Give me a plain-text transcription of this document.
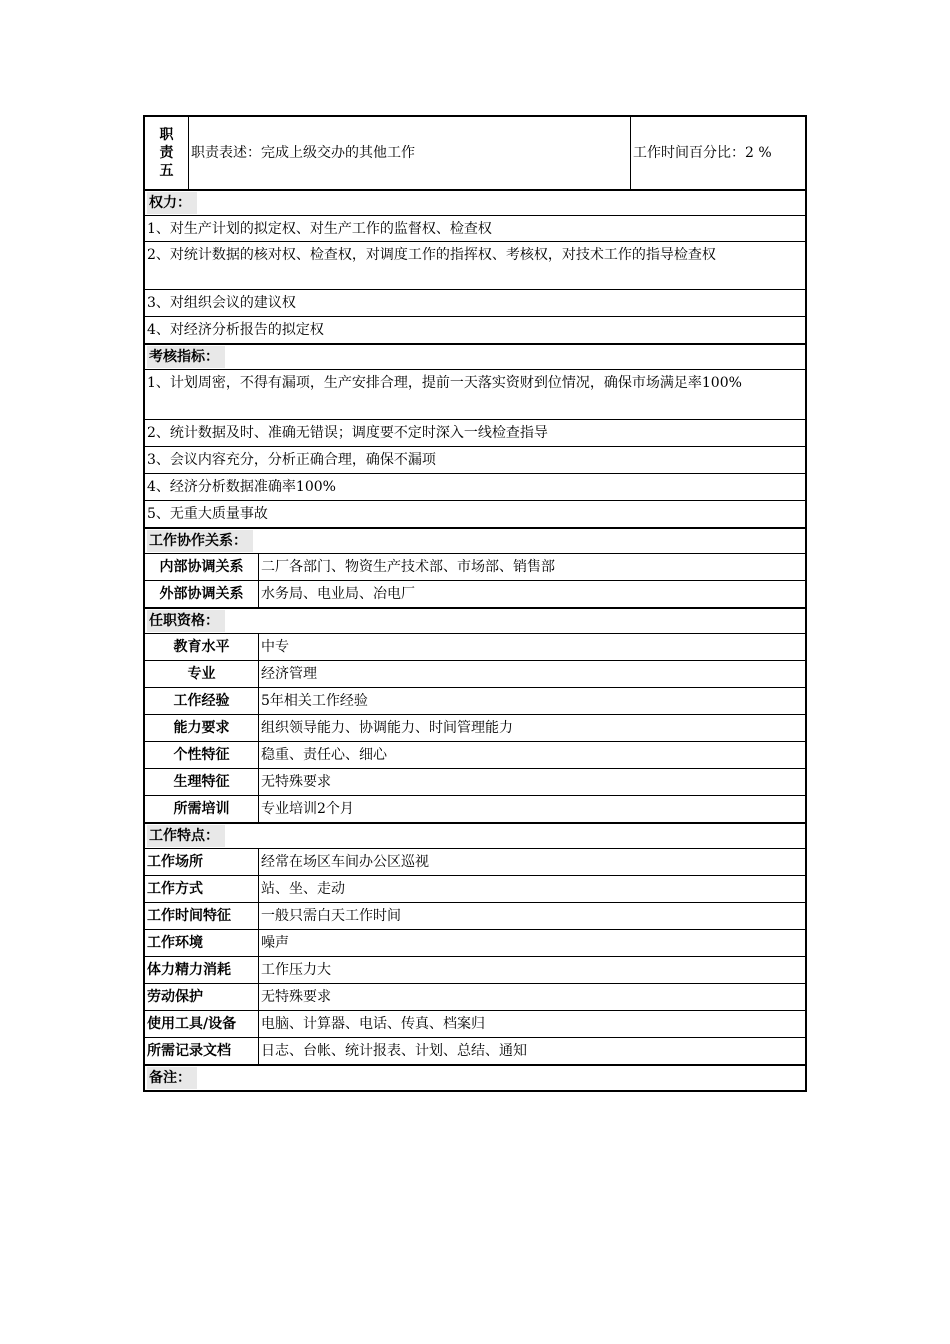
职
责
五
职责表述：完成上级交办的其他工作	工作时间百分比：2 %
权力：
1、对生产计划的拟定权、对生产工作的监督权、检查权
2、对统计数据的核对权、检查权，对调度工作的指挥权、考核权，对技术工作的指导检查权
3、对组织会议的建议权
4、对经济分析报告的拟定权
考核指标：
1、计划周密，不得有漏项，生产安排合理，提前一天落实资财到位情况，确保市场满足率100%
2、统计数据及时、准确无错误；调度要不定时深入一线检查指导
3、会议内容充分，分析正确合理，确保不漏项
4、经济分析数据准确率100%
5、无重大质量事故
工作协作关系：
内部协调关系	二厂各部门、物资生产技术部、市场部、销售部
外部协调关系	水务局、电业局、冶电厂
任职资格：
教育水平	中专
专业	经济管理
工作经验	5年相关工作经验
能力要求	组织领导能力、协调能力、时间管理能力
个性特征	稳重、责任心、细心
生理特征	无特殊要求
所需培训	专业培训2个月
工作特点：
工作场所	经常在场区车间办公区巡视
工作方式	站、坐、走动
工作时间特征	一般只需白天工作时间
工作环境	噪声
体力精力消耗	工作压力大
劳动保护	无特殊要求
使用工具/设备	电脑、计算器、电话、传真、档案归
所需记录文档	日志、台帐、统计报表、计划、总结、通知
备注：
